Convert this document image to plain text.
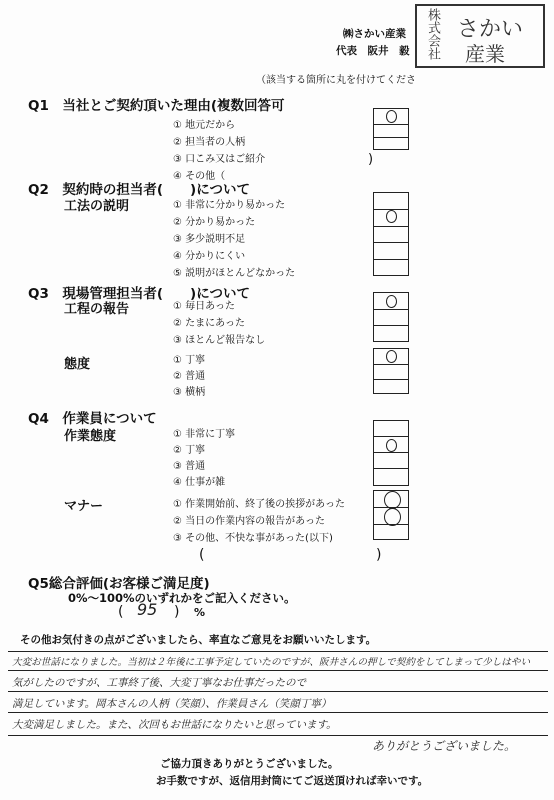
㈱さかい産業
代表　阪井　毅 株式会社 さかい
産業
（該当する箇所に丸を付けてくださ
Q1　当社とご契約頂いた理由(複数回答可
① 地元だから
② 担当者の人柄
③ 口こみ又はご紹介
④ その他（
)
Q2　契約時の担当者(　　)について
工法の説明	① 非常に分かり易かった
② 分かり易かった
③ 多少説明不足
④ 分かりにくい
⑤ 説明がほとんどなかった
Q3　現場管理担当者(　　)について
工程の報告	① 毎日あった
② たまにあった
③ ほとんど報告なし
態度	① 丁寧
② 普通
③ 横柄
Q4　作業員について
作業態度	① 非常に丁寧
② 丁寧
③ 普通
④ 仕事が雑
マナー	① 作業開始前、終了後の挨拶があった
② 当日の作業内容の報告があった
③ その他、不快な事があった(以下)
(	)
Q5総合評価(お客様ご満足度)
0%～100%のいずれかをご記入ください。
( 95 ) %
その他お気付きの点がございましたら、率直なご意見をお願いいたします。
大変お世話になりました。当初は２年後に工事予定していたのですが、阪井さんの押しで契約をしてしまって少しはやい
気がしたのですが、工事終了後、大変丁寧なお仕事だったので
満足しています。岡本さんの人柄（笑顔）、作業員さん（笑顔丁寧）
大変満足しました。また、次回もお世話になりたいと思っています。
ありがとうございました。
ご協力頂きありがとうございました。
お手数ですが、返信用封筒にてご返送頂ければ幸いです。
